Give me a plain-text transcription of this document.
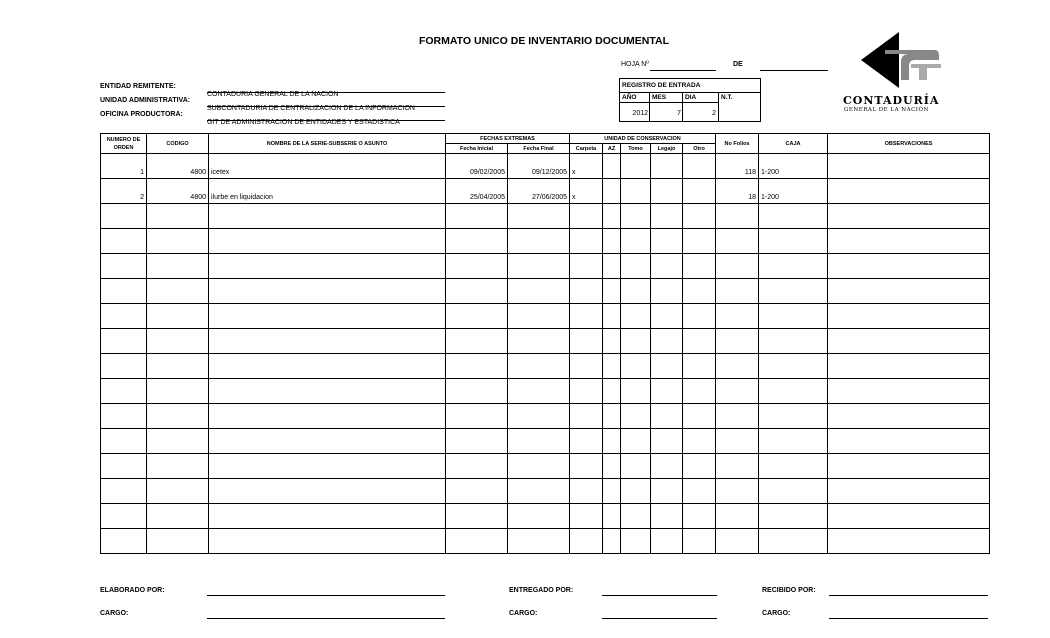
FORMATO UNICO DE INVENTARIO DOCUMENTAL
HOJA Nº	DE
CONTADURÍA
GENERAL DE LA NACIÓN
ENTIDAD REMITENTE:
CONTADURIA GENERAL DE LA NACION
UNIDAD ADMINISTRATIVA:
SUBCONTADURIA DE CENTRALIZACION DE LA INFORMACION
OFICINA PRODUCTORA:
GIT DE ADMINISTRACION DE ENTIDADES Y ESTADISTICA
REGISTRO DE ENTRADA
AÑO MES	DIA	N.T.
2012	7	2
NUMERO DE ORDEN	CODIGO	NOMBRE DE LA SERIE-SUBSERIE O ASUNTO	FECHAS EXTREMAS		UNIDAD DE CONSERVACION					No Folios	CAJA	OBSERVACIONES
			Fecha Inicial	Fecha Final	Carpeta	AZ	Tomo	Legajo	Otro			
1	4800	icetex	09/02/2005	09/12/2005	x					118	1-200	
2	4800	ilurbe en liquidacion	25/04/2005	27/06/2005	x					18	1-200	

ELABORADO POR:	ENTREGADO POR:	RECIBIDO POR:
CARGO:	CARGO:	CARGO:
